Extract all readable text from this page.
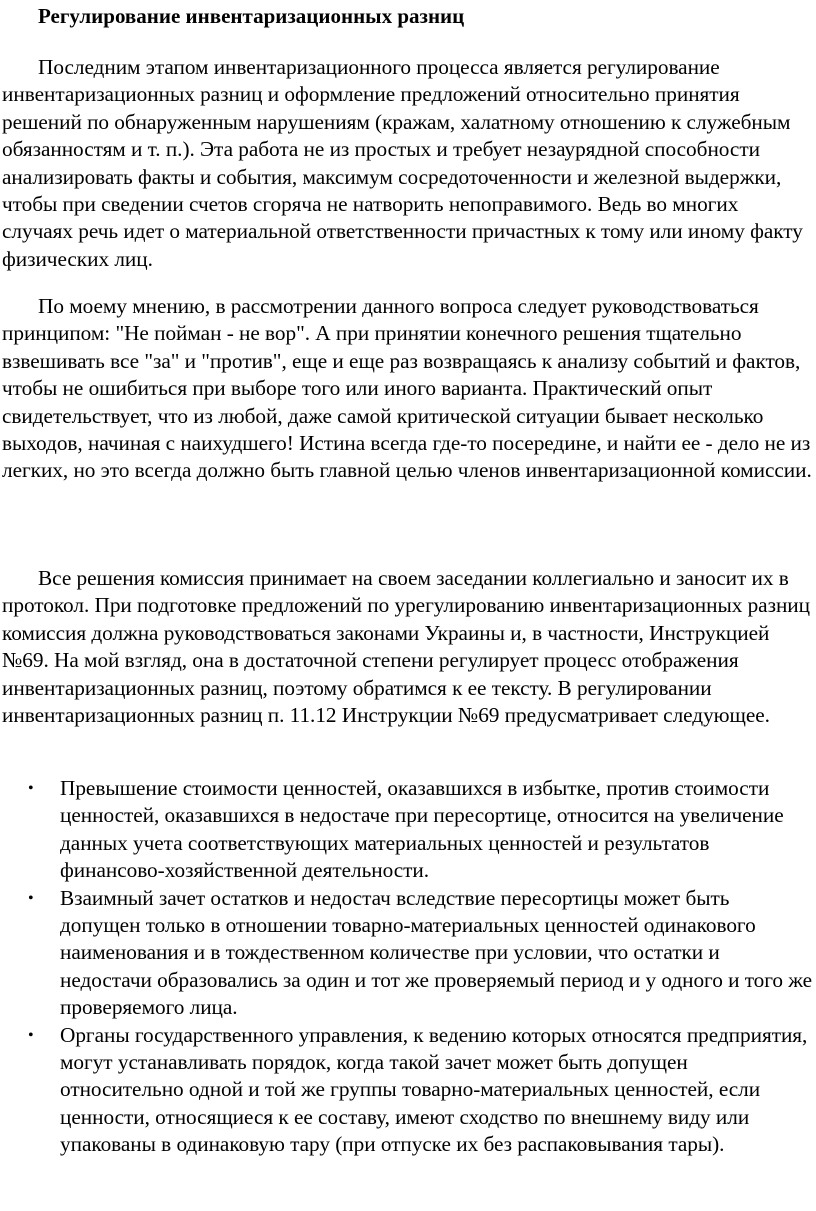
Регулирование инвентаризационных разниц

Последним этапом инвентаризационного процесса является регулирование инвентаризационных разниц и оформление предложений относительно принятия решений по обнаруженным нарушениям (кражам, халатному отношению к служебным обязанностям и т. п.). Эта работа не из простых и требует незаурядной способности анализировать факты и события, максимум сосредоточенности и железной выдержки, чтобы при сведении счетов сгоряча не натворить непоправимого. Ведь во многих случаях речь идет о материальной ответственности причастных к тому или иному факту физических лиц.

По моему мнению, в рассмотрении данного вопроса следует руководствоваться принципом: "Не пойман - не вор". А при принятии конечного решения тщательно взвешивать все "за" и "против", еще и еще раз возвращаясь к анализу событий и фактов, чтобы не ошибиться при выборе того или иного варианта. Практический опыт свидетельствует, что из любой, даже самой критической ситуации бывает несколько выходов, начиная с наихудшего! Истина всегда где-то посередине, и найти ее - дело не из легких, но это всегда должно быть главной целью членов инвентаризационной комиссии.

Все решения комиссия принимает на своем заседании коллегиально и заносит их в протокол. При подготовке предложений по урегулированию инвентаризационных разниц комиссия должна руководствоваться законами Украины и, в частности, Инструкцией №69. На мой взгляд, она в достаточной степени регулирует процесс отображения инвентаризационных разниц, поэтому обратимся к ее тексту. В регулировании инвентаризационных разниц п. 11.12 Инструкции №69 предусматривает следующее.

• Превышение стоимости ценностей, оказавшихся в избытке, против стоимости ценностей, оказавшихся в недостаче при пересортице, относится на увеличение данных учета соответствующих материальных ценностей и результатов финансово-хозяйственной деятельности.
• Взаимный зачет остатков и недостач вследствие пересортицы может быть допущен только в отношении товарно-материальных ценностей одинакового наименования и в тождественном количестве при условии, что остатки и недостачи образовались за один и тот же проверяемый период и у одного и того же проверяемого лица.
• Органы государственного управления, к ведению которых относятся предприятия, могут устанавливать порядок, когда такой зачет может быть допущен относительно одной и той же группы товарно-материальных ценностей, если ценности, относящиеся к ее составу, имеют сходство по внешнему виду или упакованы в одинаковую тару (при отпуске их без распаковывания тары).
